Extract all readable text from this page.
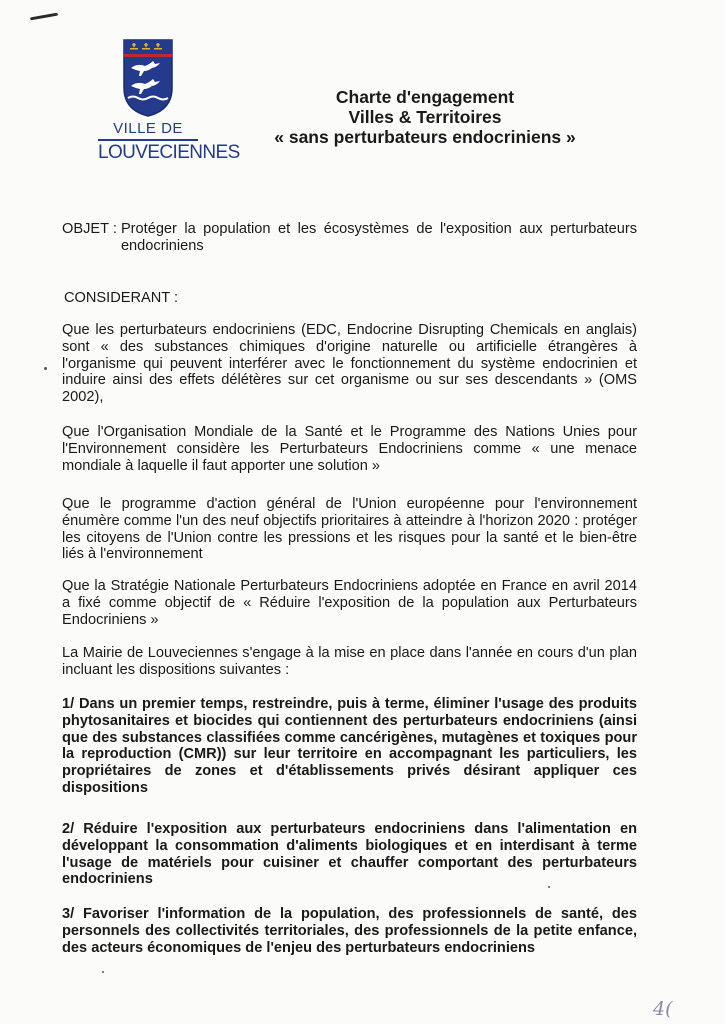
VILLE DE
LOUVECIENNES
Charte d'engagement
Villes & Territoires
« sans perturbateurs endocriniens »
OBJET : Protéger la population et les écosystèmes de l'exposition aux perturbateurs endocriniens
CONSIDERANT :
Que les perturbateurs endocriniens (EDC, Endocrine Disrupting Chemicals en anglais) sont « des substances chimiques d'origine naturelle ou artificielle étrangères à l'organisme qui peuvent interférer avec le fonctionnement du système endocrinien et induire ainsi des effets délétères sur cet organisme ou sur ses descendants » (OMS 2002),
Que l'Organisation Mondiale de la Santé et le Programme des Nations Unies pour l'Environnement considère les Perturbateurs Endocriniens comme « une menace mondiale à laquelle il faut apporter une solution »
Que le programme d'action général de l'Union européenne pour l'environnement énumère comme l'un des neuf objectifs prioritaires à atteindre à l'horizon 2020 : protéger les citoyens de l'Union contre les pressions et les risques pour la santé et le bien-être liés à l'environnement
Que la Stratégie Nationale Perturbateurs Endocriniens adoptée en France en avril 2014 a fixé comme objectif de « Réduire l'exposition de la population aux Perturbateurs Endocriniens »
La Mairie de Louveciennes s'engage à la mise en place dans l'année en cours d'un plan incluant les dispositions suivantes :
1/ Dans un premier temps, restreindre, puis à terme, éliminer l'usage des produits phytosanitaires et biocides qui contiennent des perturbateurs endocriniens (ainsi que des substances classifiées comme cancérigènes, mutagènes et toxiques pour la reproduction (CMR)) sur leur territoire en accompagnant les particuliers, les propriétaires de zones et d'établissements privés désirant appliquer ces dispositions
2/ Réduire l'exposition aux perturbateurs endocriniens dans l'alimentation en développant la consommation d'aliments biologiques et en interdisant à terme l'usage de matériels pour cuisiner et chauffer comportant des perturbateurs endocriniens
3/ Favoriser l'information de la population, des professionnels de santé, des personnels des collectivités territoriales, des professionnels de la petite enfance, des acteurs économiques de l'enjeu des perturbateurs endocriniens
4(
